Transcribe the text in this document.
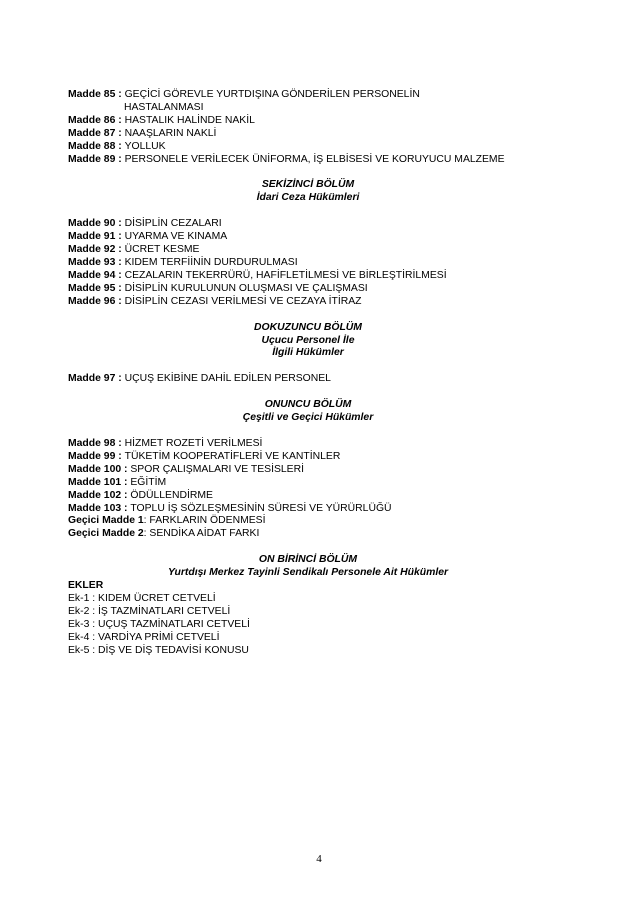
Madde 85 : GEÇİCİ GÖREVLE YURTDIŞINA GÖNDERİLEN PERSONELİN
HASTALANMASI
Madde 86 : HASTALIK HALİNDE NAKİL
Madde 87 : NAAŞLARIN NAKLİ
Madde 88 : YOLLUK
Madde 89 : PERSONELE VERİLECEK ÜNİFORMA, İŞ ELBİSESİ VE KORUYUCU MALZEME
SEKİZİNCİ BÖLÜM
İdari Ceza Hükümleri
Madde 90 : DİSİPLİN CEZALARI
Madde 91 : UYARMA VE KINAMA
Madde 92 : ÜCRET KESME
Madde 93 : KIDEM TERFİİNİN DURDURULMASI
Madde 94 : CEZALARIN TEKERRÜRÜ, HAFİFLETİLMESİ VE BİRLEŞTİRİLMESİ
Madde 95 : DİSİPLİN KURULUNUN OLUŞMASI VE ÇALIŞMASI
Madde 96 : DİSİPLİN CEZASI VERİLMESİ VE CEZAYA İTİRAZ
DOKUZUNCU BÖLÜM
Uçucu Personel İle
İlgili Hükümler
Madde 97 : UÇUŞ EKİBİNE DAHİL EDİLEN PERSONEL
ONUNCU BÖLÜM
Çeşitli ve Geçici Hükümler
Madde 98 : HİZMET ROZETİ VERİLMESİ
Madde 99 : TÜKETİM KOOPERATİFLERİ VE KANTİNLER
Madde 100 : SPOR ÇALIŞMALARI VE TESİSLERİ
Madde 101 : EĞİTİM
Madde 102 : ÖDÜLLENDİRME
Madde 103 : TOPLU İŞ SÖZLEŞMESİNİN SÜRESİ VE YÜRÜRLÜĞÜ
Geçici Madde 1 : FARKLARIN ÖDENMESİ
Geçici Madde 2 : SENDİKA AİDAT FARKI
ON BİRİNCİ BÖLÜM
Yurtdışı Merkez Tayinli Sendikalı Personele Ait Hükümler
EKLER
Ek-1 : KIDEM ÜCRET CETVELİ
Ek-2 : İŞ TAZMİNATLARI CETVELİ
Ek-3 : UÇUŞ TAZMİNATLARI CETVELİ
Ek-4 : VARDİYA PRİMİ CETVELİ
Ek-5 : DİŞ VE DİŞ TEDAVİSİ KONUSU
4
